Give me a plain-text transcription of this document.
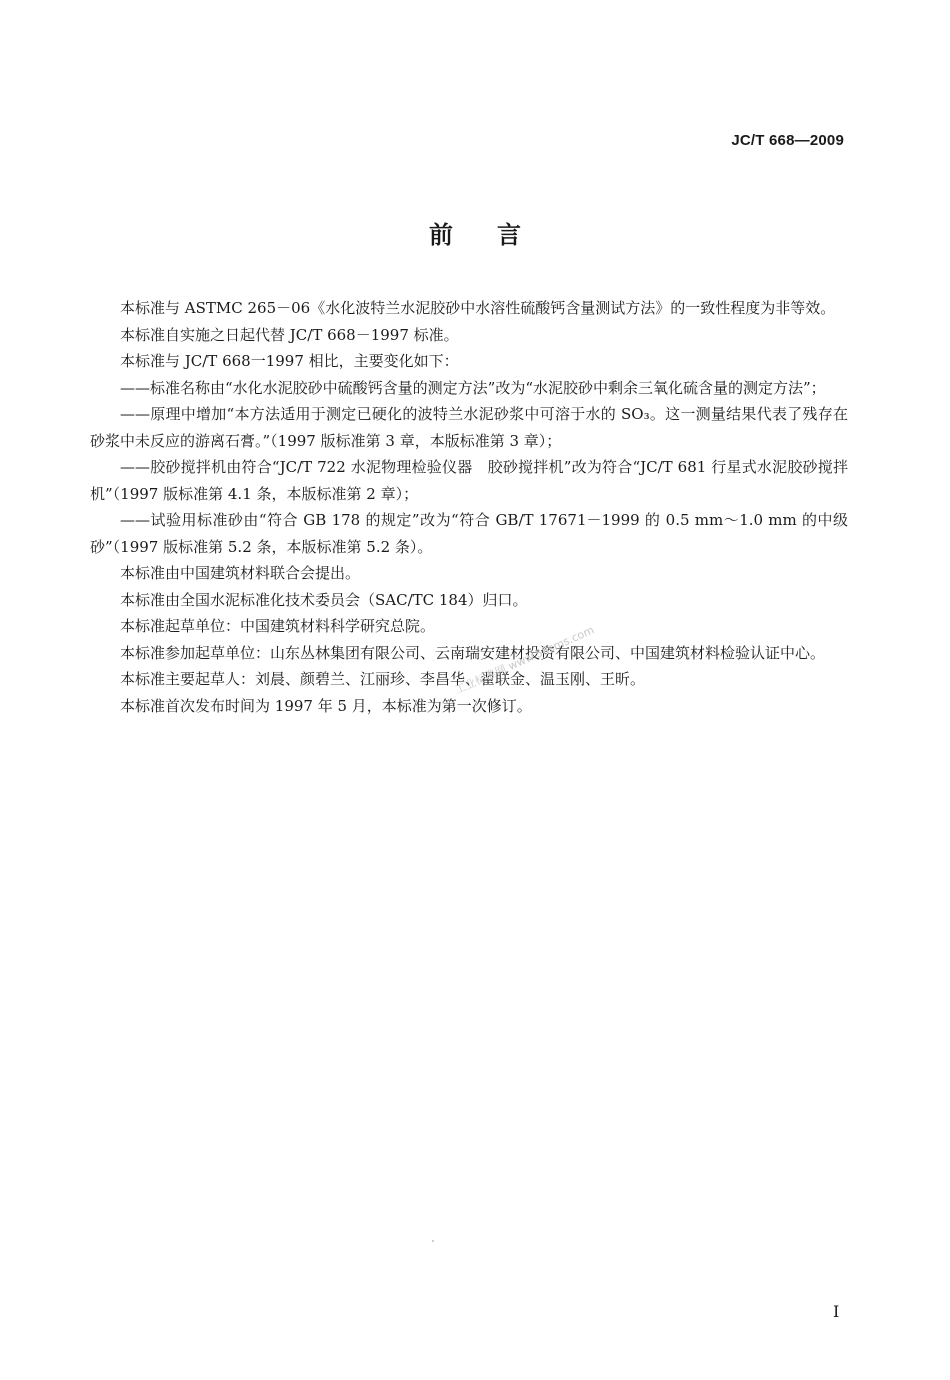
JC/T 668—2009
前言

本标准与 ASTMC 265－06《水化波特兰水泥胶砂中水溶性硫酸钙含量测试方法》的一致性程度为非等效。

本标准自实施之日起代替 JC/T 668－1997 标准。

本标准与 JC/T 668一1997 相比，主要变化如下：

——标准名称由“水化水泥胶砂中硫酸钙含量的测定方法”改为“水泥胶砂中剩余三氧化硫含量的测定方法”；

——原理中增加“本方法适用于测定已硬化的波特兰水泥砂浆中可溶于水的 SO₃。这一测量结果代表了残存在砂浆中未反应的游离石膏。”（1997 版标准第 3 章，本版标准第 3 章）；

——胶砂搅拌机由符合“JC/T 722 水泥物理检验仪器　胶砂搅拌机”改为符合“JC/T 681 行星式水泥胶砂搅拌机”（1997 版标准第 4.1 条，本版标准第 2 章）；

——试验用标准砂由“符合 GB 178 的规定”改为“符合 GB/T 17671－1999 的 0.5 mm～1.0 mm 的中级砂”（1997 版标准第 5.2 条，本版标准第 5.2 条）。

本标准由中国建筑材料联合会提出。

本标准由全国水泥标准化技术委员会（SAC/TC 184）归口。

本标准起草单位：中国建筑材料科学研究总院。

本标准参加起草单位：山东丛林集团有限公司、云南瑞安建材投资有限公司、中国建筑材料检验认证中心。

本标准主要起草人：刘晨、颜碧兰、江丽珍、李昌华、翟联金、温玉刚、王昕。

本标准首次发布时间为 1997 年 5 月，本标准为第一次修订。

工业标准网 www.58sms.com
I
